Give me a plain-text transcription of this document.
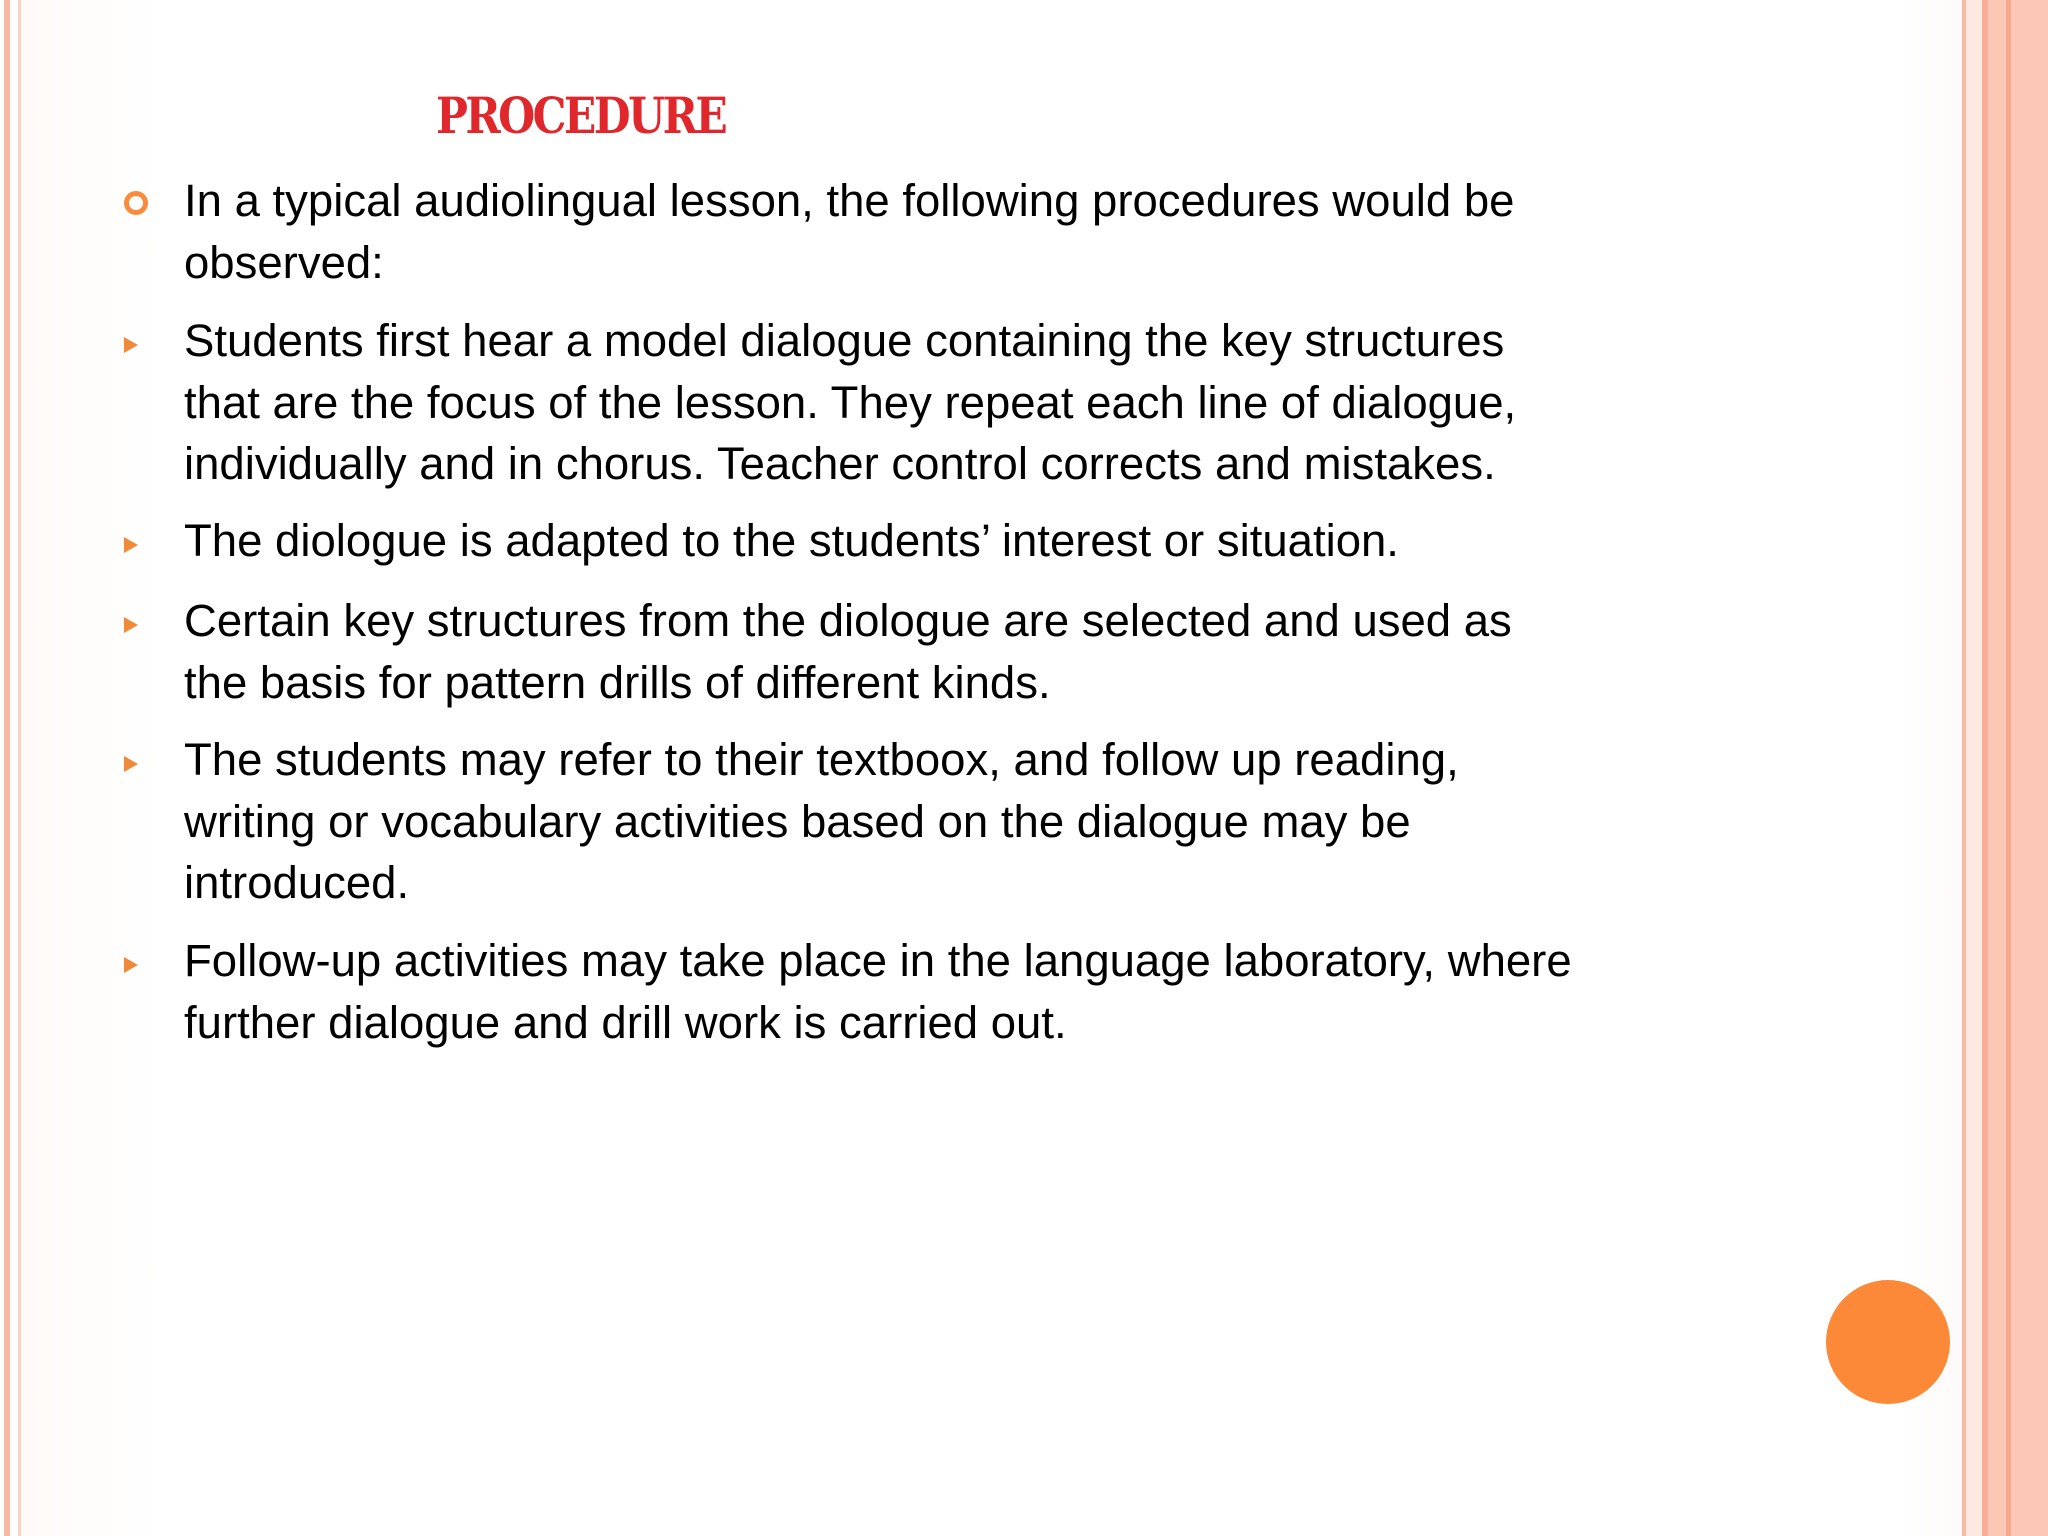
PROCEDURE

In a typical audiolingual lesson, the following procedures would be
observed:

Students first hear a model dialogue containing the key structures
that are the focus of the lesson. They repeat each line of dialogue,
individually and in chorus. Teacher control corrects and mistakes.

The diologue is adapted to the students’ interest or situation.

Certain key structures from the diologue are selected and used as
the basis for pattern drills of different kinds.

The students may refer to their textboox, and follow up reading,
writing or vocabulary activities based on the dialogue may be
introduced.

Follow-up activities may take place in the language laboratory, where
further dialogue and drill work is carried out.
